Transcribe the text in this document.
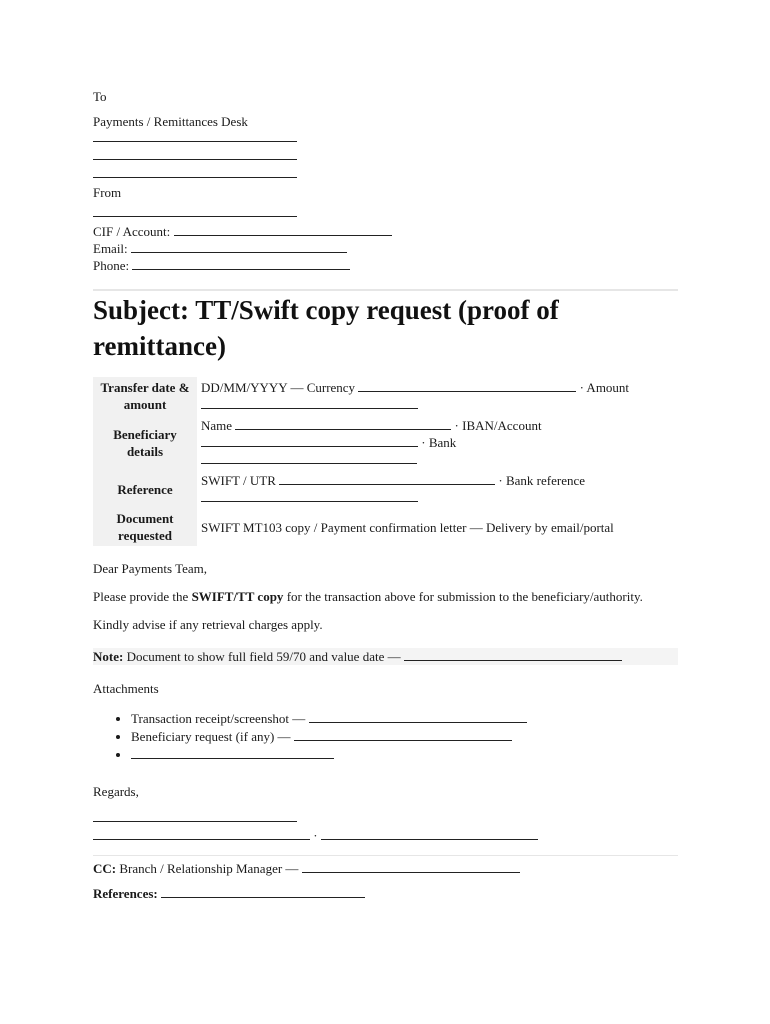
To

Payments / Remittances Desk

From

CIF / Account:

Email:

Phone:

Subject: TT/Swift copy request (proof of remittance)
Transfer date & amount	DD/MM/YYYY — Currency · Amount

Beneficiary details	Name · IBAN/Account
· Bank
Reference	SWIFT / UTR · Bank reference

Document requested	SWIFT MT103 copy / Payment confirmation letter — Delivery by email/portal

Dear Payments Team,

Please provide the SWIFT/TT copy for the transaction above for submission to the beneficiary/authority.

Kindly advise if any retrieval charges apply.

Note: Document to show full field 59/70 and value date —

Attachments

• Transaction receipt/screenshot —
• Beneficiary request (if any) —
•

Regards,

·

CC: Branch / Relationship Manager —

References:
